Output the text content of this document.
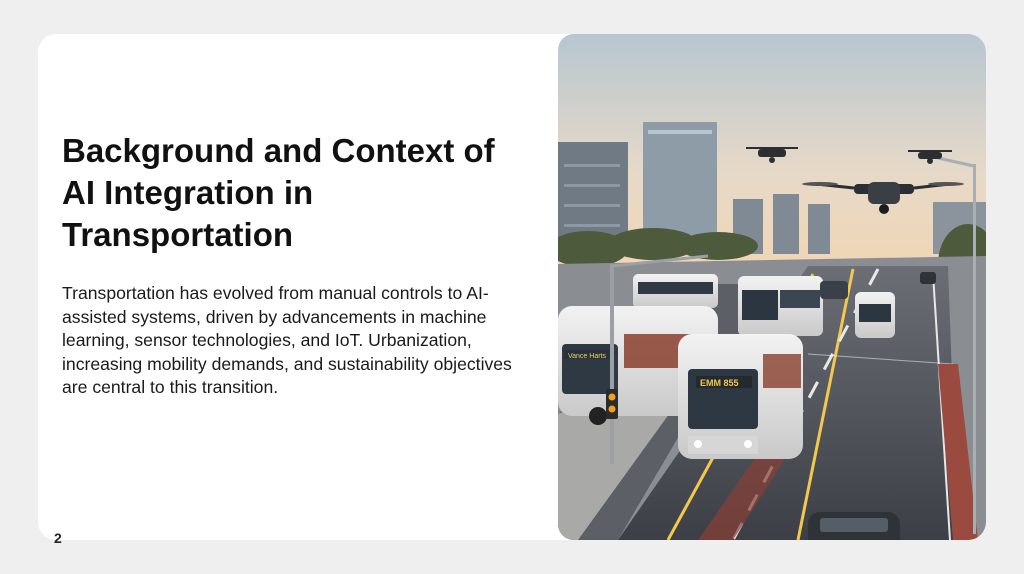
Background and Context of AI Integration in Transportation

Transportation has evolved from manual controls to AI-assisted systems, driven by advancements in machine learning, sensor technologies, and IoT. Urbanization, increasing mobility demands, and sustainability objectives are central to this transition.

Vance Harts
EMM 855
2
